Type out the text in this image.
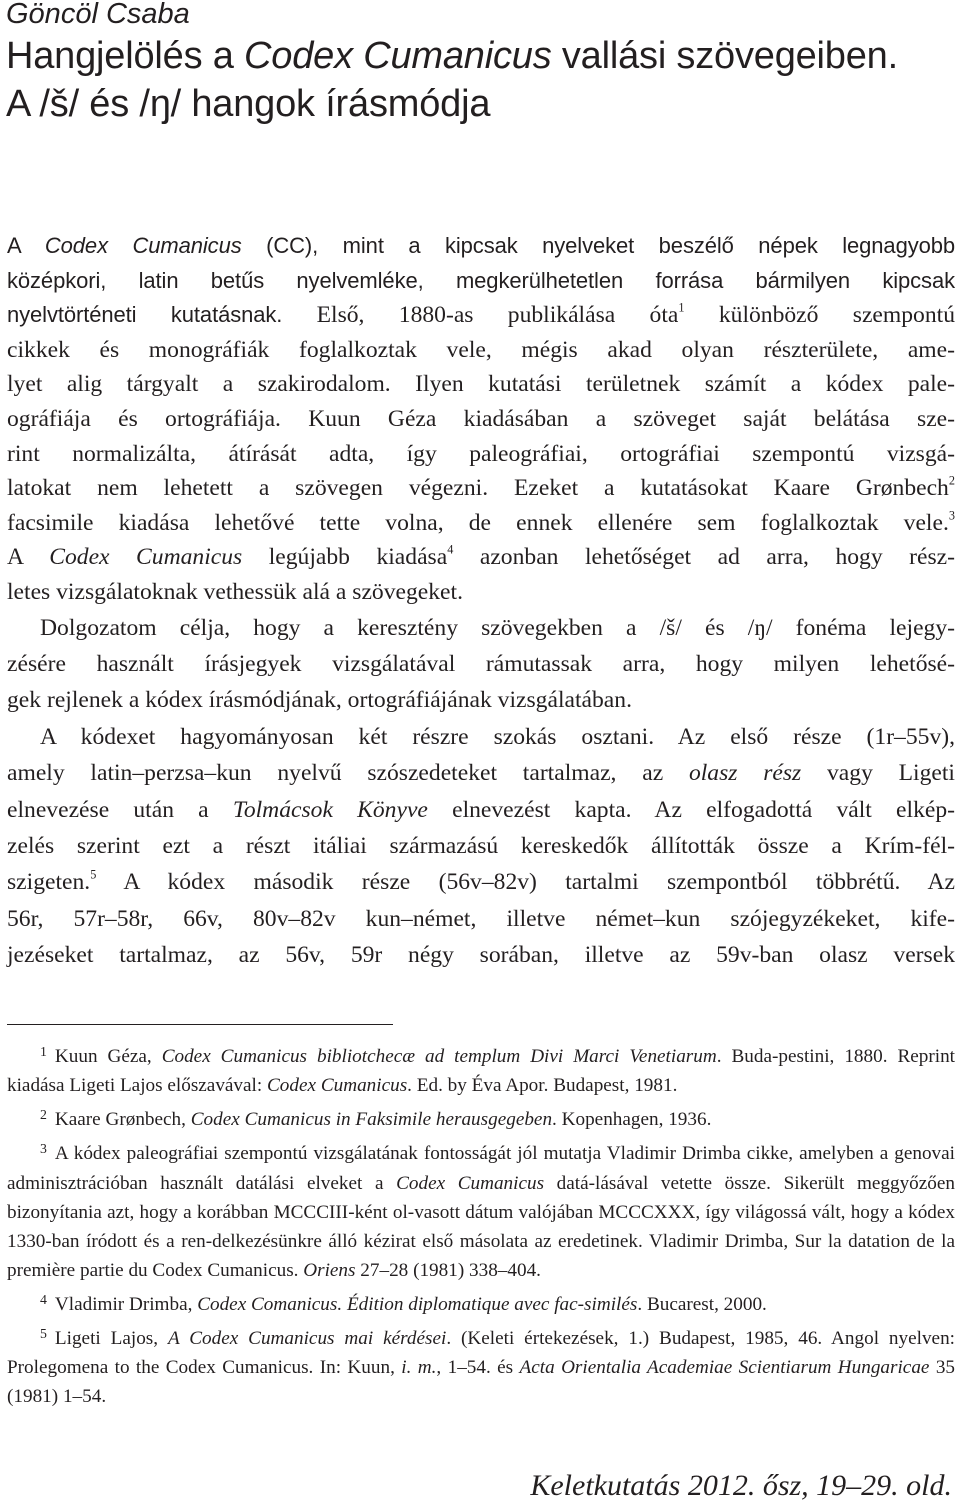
Göncöl Csaba
Hangjelölés a Codex Cumanicus vallási szövegeiben.
A /š/ és /ŋ/ hangok írásmódja

A Codex Cumanicus (CC), mint a kipcsak nyelveket beszélő népek legnagyobb

középkori, latin betűs nyelvemléke, megkerülhetetlen forrása bármilyen kipcsak

nyelvtörténeti kutatásnak. Első, 1880-as publikálása óta$^1$ különböző szempontú

cikkek és monográfiák foglalkoztak vele, mégis akad olyan részterülete, ame-

lyet alig tárgyalt a szakirodalom. Ilyen kutatási területnek számít a kódex pale-

ográfiája és ortográfiája. Kuun Géza kiadásában a szöveget saját belátása sze-

rint normalizálta, átírását adta, így paleográfiai, ortográfiai szempontú vizsgá-

latokat nem lehetett a szövegen végezni. Ezeket a kutatásokat Kaare Grønbech$^2$

facsimile kiadása lehetővé tette volna, de ennek ellenére sem foglalkoztak vele.$^3$

A Codex Cumanicus legújabb kiadása$^4$ azonban lehetőséget ad arra, hogy rész-

letes vizsgálatoknak vethessük alá a szövegeket.

Dolgozatom célja, hogy a keresztény szövegekben a /š/ és /ŋ/ fonéma lejegy-

zésére használt írásjegyek vizsgálatával rámutassak arra, hogy milyen lehetősé-

gek rejlenek a kódex írásmódjának, ortográfiájának vizsgálatában.

A kódexet hagyományosan két részre szokás osztani. Az első része (1r–55v),

amely latin–perzsa–kun nyelvű szószedeteket tartalmaz, az olasz rész vagy Ligeti

elnevezése után a Tolmácsok Könyve elnevezést kapta. Az elfogadottá vált elkép-

zelés szerint ezt a részt itáliai származású kereskedők állították össze a Krím-fél-

szigeten.$^5$ A kódex második része (56v–82v) tartalmi szempontból többrétű. Az

56r, 57r–58r, 66v, 80v–82v kun–német, illetve német–kun szójegyzékeket, kife-

jezéseket tartalmaz, az 56v, 59r négy sorában, illetve az 59v-ban olasz versek

$^1$ Kuun Géza, Codex Cumanicus bibliotchecæ ad templum Divi Marci Venetiarum. Buda-pestini, 1880. Reprint kiadása Ligeti Lajos előszavával: Codex Cumanicus. Ed. by Éva Apor. Budapest, 1981.

$^2$ Kaare Grønbech, Codex Cumanicus in Faksimile herausgegeben. Kopenhagen, 1936.

$^3$ A kódex paleográfiai szempontú vizsgálatának fontosságát jól mutatja Vladimir Drimba cikke, amelyben a genovai adminisztrációban használt datálási elveket a Codex Cumanicus datá-lásával vetette össze. Sikerült meggyőzően bizonyítania azt, hogy a korábban MCCCIII-ként ol-vasott dátum valójában MCCCXXX, így világossá vált, hogy a kódex 1330-ban íródott és a ren-delkezésünkre álló kézirat első másolata az eredetinek. Vladimir Drimba, Sur la datation de la première partie du Codex Cumanicus. Oriens 27–28 (1981) 338–404.

$^4$ Vladimir Drimba, Codex Comanicus. Édition diplomatique avec fac-similés. Bucarest, 2000.

$^5$ Ligeti Lajos, A Codex Cumanicus mai kérdései. (Keleti értekezések, 1.) Budapest, 1985, 46. Angol nyelven: Prolegomena to the Codex Cumanicus. In: Kuun, i. m., 1–54. és Acta Orientalia Academiae Scientiarum Hungaricae 35 (1981) 1–54.

Keletkutatás 2012. ősz, 19–29. old.
